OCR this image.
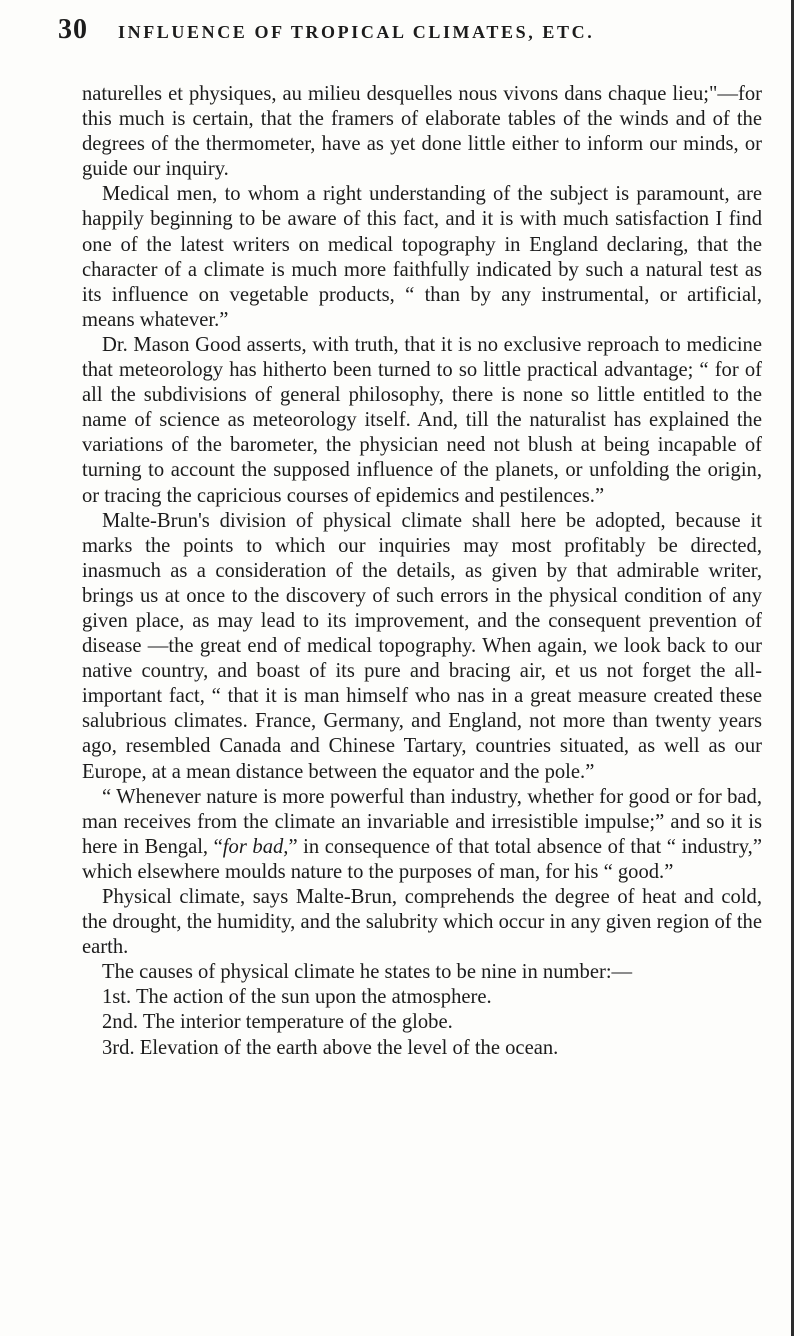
30 INFLUENCE OF TROPICAL CLIMATES, ETC.

naturelles et physiques, au milieu desquelles nous vivons dans chaque lieu;"—for this much is certain, that the framers of elaborate tables of the winds and of the degrees of the thermometer, have as yet done little either to inform our minds, or guide our inquiry.

Medical men, to whom a right understanding of the subject is paramount, are happily beginning to be aware of this fact, and it is with much satisfaction I find one of the latest writers on medical topography in England declaring, that the character of a climate is much more faithfully indicated by such a natural test as its influence on vegetable products, “ than by any instrumental, or artificial, means whatever.”

Dr. Mason Good asserts, with truth, that it is no exclusive reproach to medicine that meteorology has hitherto been turned to so little practical advantage; “ for of all the subdivisions of general philosophy, there is none so little entitled to the name of science as meteorology itself. And, till the naturalist has explained the variations of the barometer, the physician need not blush at being incapable of turning to account the supposed influence of the planets, or unfolding the origin, or tracing the capricious courses of epidemics and pestilences.”

Malte-Brun's division of physical climate shall here be adopted, because it marks the points to which our inquiries may most profitably be directed, inasmuch as a consideration of the details, as given by that admirable writer, brings us at once to the discovery of such errors in the physical condition of any given place, as may lead to its improvement, and the consequent prevention of disease —the great end of medical topography. When again, we look back to our native country, and boast of its pure and bracing air, et us not forget the all-important fact, “ that it is man himself who nas in a great measure created these salubrious climates. France, Germany, and England, not more than twenty years ago, resembled Canada and Chinese Tartary, countries situated, as well as our Europe, at a mean distance between the equator and the pole.”

“ Whenever nature is more powerful than industry, whether for good or for bad, man receives from the climate an invariable and irresistible impulse;” and so it is here in Bengal, “for bad,” in consequence of that total absence of that “ industry,” which elsewhere moulds nature to the purposes of man, for his “ good.”

Physical climate, says Malte-Brun, comprehends the degree of heat and cold, the drought, the humidity, and the salubrity which occur in any given region of the earth.

The causes of physical climate he states to be nine in number:—

1st. The action of the sun upon the atmosphere.

2nd. The interior temperature of the globe.

3rd. Elevation of the earth above the level of the ocean.
